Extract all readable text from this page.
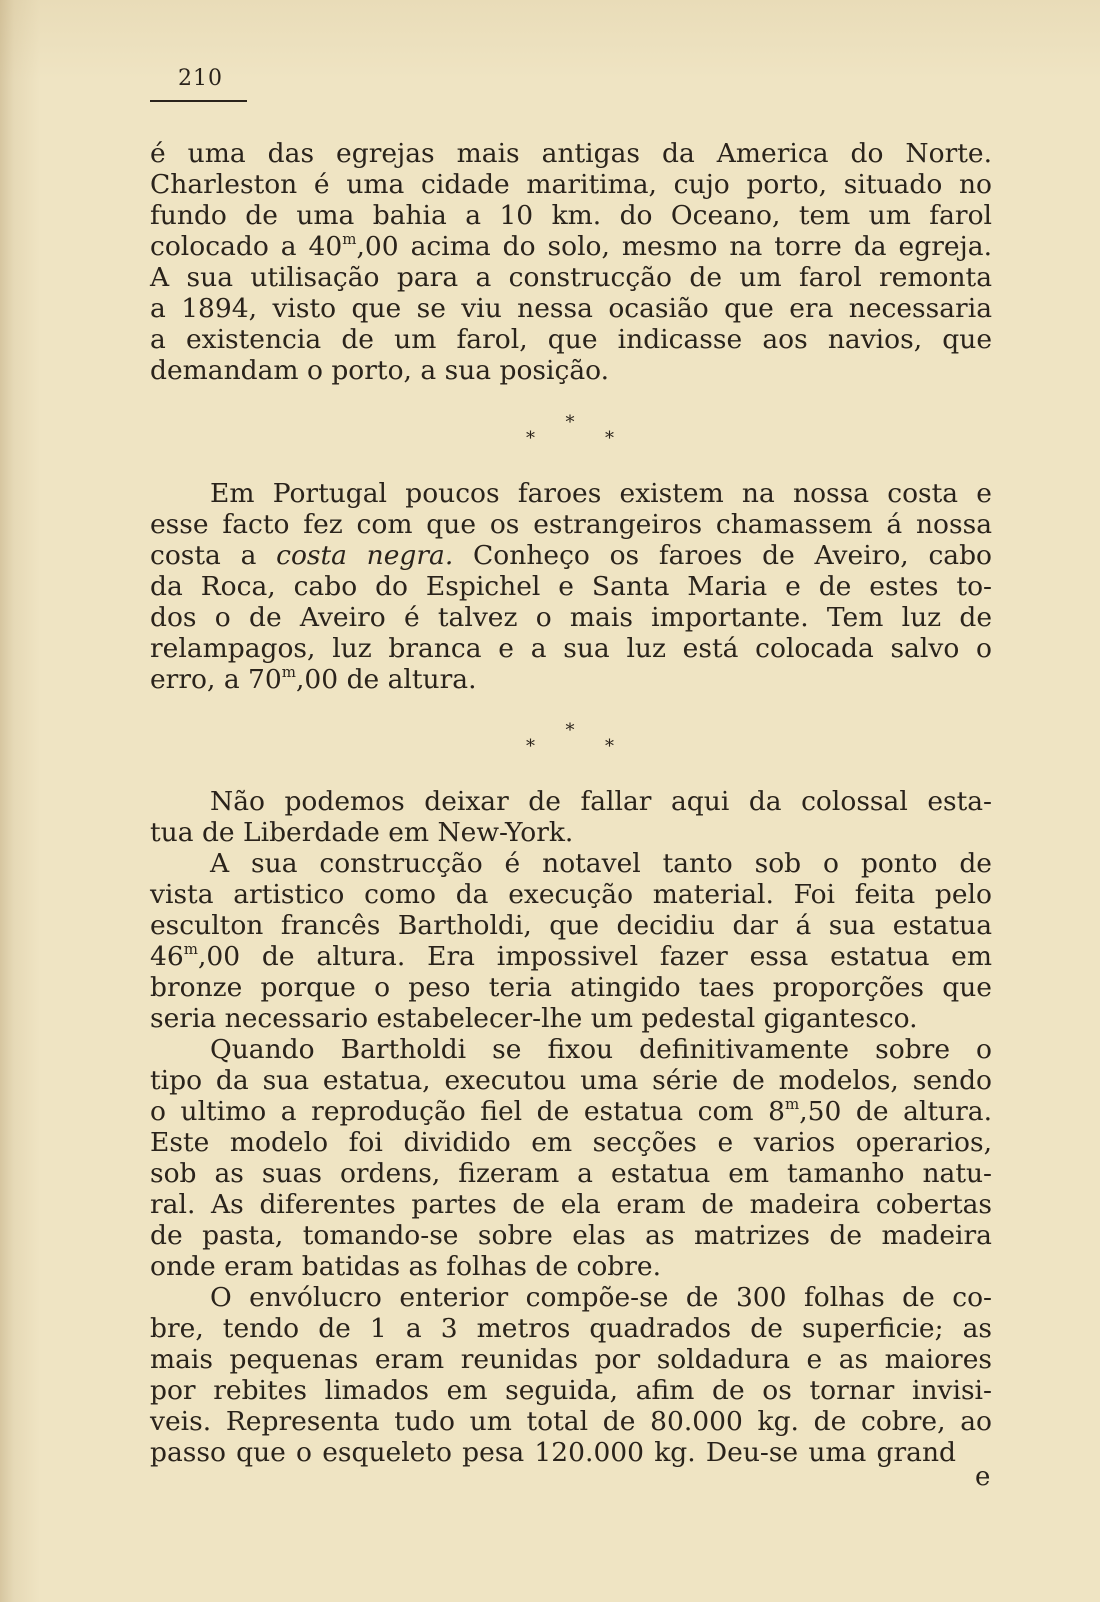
210
é uma das egrejas mais antigas da America do Norte.
Charleston é uma cidade maritima, cujo porto, situado no
fundo de uma bahia a 10 km. do Oceano, tem um farol
colocado a 40$^m$,00 acima do solo, mesmo na torre da egreja.
A sua utilisação para a construcção de um farol remonta
a 1894, visto que se viu nessa ocasião que era necessaria
a existencia de um farol, que indicasse aos navios, que
demandam o porto, a sua posição.
*
*	*
Em Portugal poucos faroes existem na nossa costa e
esse facto fez com que os estrangeiros chamassem á nossa
costa a costa negra. Conheço os faroes de Aveiro, cabo
da Roca, cabo do Espichel e Santa Maria e de estes to-
dos o de Aveiro é talvez o mais importante. Tem luz de
relampagos, luz branca e a sua luz está colocada salvo o
erro, a 70$^m$,00 de altura.
*
*	*
Não podemos deixar de fallar aqui da colossal esta-
tua de Liberdade em New-York.
A sua construcção é notavel tanto sob o ponto de
vista artistico como da execução material. Foi feita pelo
esculton francês Bartholdi, que decidiu dar á sua estatua
46$^m$,00 de altura. Era impossivel fazer essa estatua em
bronze porque o peso teria atingido taes proporções que
seria necessario estabelecer-lhe um pedestal gigantesco.
Quando Bartholdi se fixou definitivamente sobre o
tipo da sua estatua, executou uma série de modelos, sendo
o ultimo a reprodução fiel de estatua com 8$^m$,50 de altura.
Este modelo foi dividido em secções e varios operarios,
sob as suas ordens, fizeram a estatua em tamanho natu-
ral. As diferentes partes de ela eram de madeira cobertas
de pasta, tomando-se sobre elas as matrizes de madeira
onde eram batidas as folhas de cobre.
O envólucro enterior compõe-se de 300 folhas de co-
bre, tendo de 1 a 3 metros quadrados de superficie; as
mais pequenas eram reunidas por soldadura e as maiores
por rebites limados em seguida, afim de os tornar invisi-
veis. Representa tudo um total de 80.000 kg. de cobre, ao
passo que o esqueleto pesa 120.000 kg. Deu-se uma grand
e
